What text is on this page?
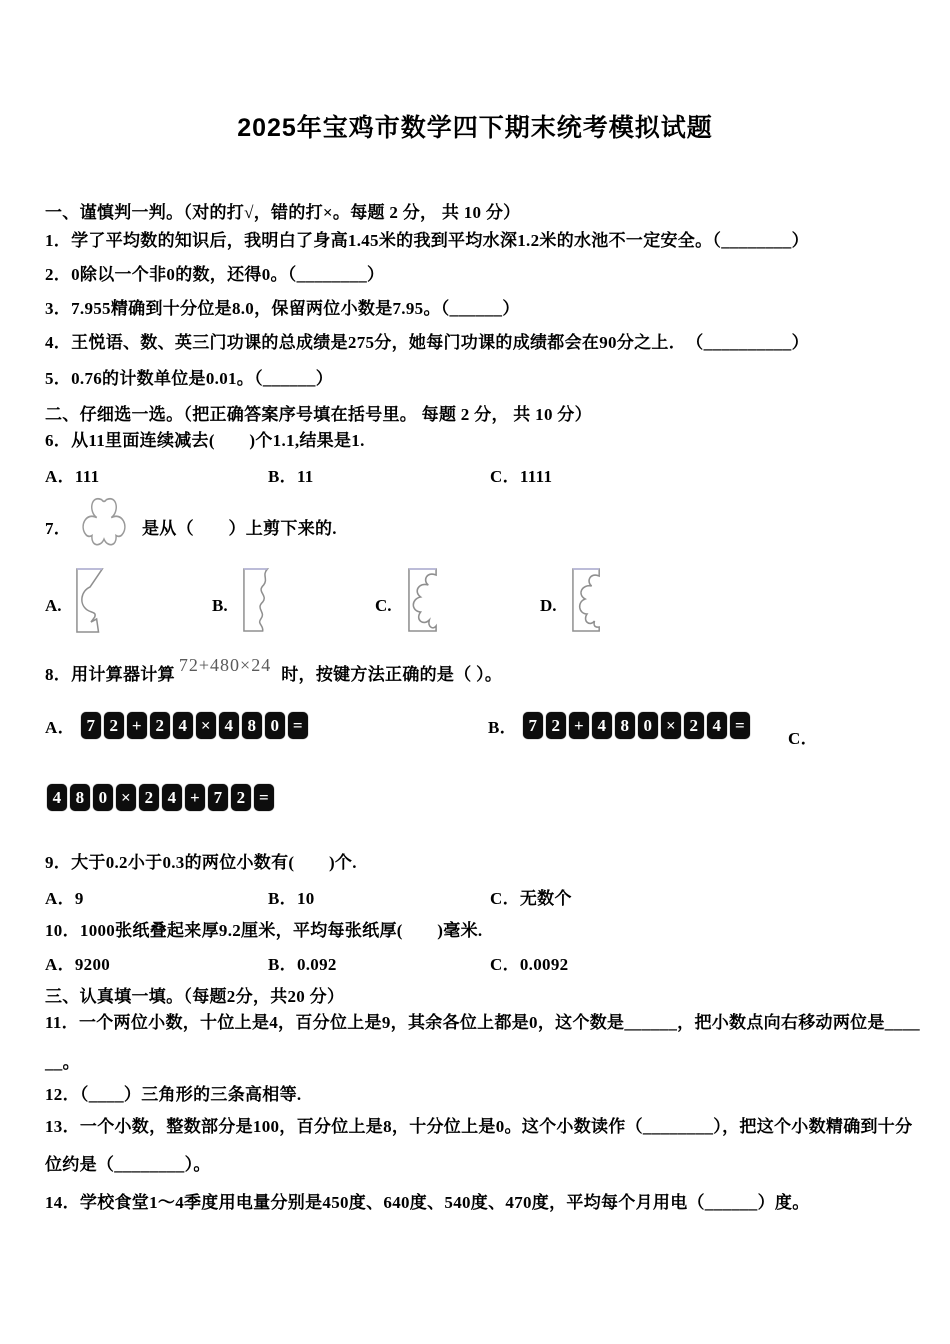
2025年宝鸡市数学四下期末统考模拟试题
一、谨慎判一判。（对的打√，错的打×。每题 2 分， 共 10 分）
1．学了平均数的知识后，我明白了身高1.45米的我到平均水深1.2米的水池不一定安全。（________）
2．0除以一个非0的数，还得0。（________）
3．7.955精确到十分位是8.0，保留两位小数是7.95。（______）
4．王悦语、数、英三门功课的总成绩是275分，她每门功课的成绩都会在90分之上．　（__________）
5．0.76的计数单位是0.01。（______）
二、仔细选一选。（把正确答案序号填在括号里。 每题 2 分， 共 10 分）
6．从11里面连续减去(　　)个1.1,结果是1.
A．111	B．11	C．1111
7．	是从（　　）上剪下来的.
A.	B.	C.	D.
8．用计算器计算 72+480×24 时，按键方法正确的是（ ）。
A． 7 2 + 2 4 × 4 8 0 =	B． 7 2 + 4 8 0 × 2 4 =
C．
4 8 0 × 2 4 + 7 2 =
9．大于0.2小于0.3的两位小数有(　　)个.
A．9	B．10	C．无数个
10．1000张纸叠起来厚9.2厘米，平均每张纸厚(　　)毫米.
A．9200	B．0.092	C．0.0092
三、认真填一填。（每题2分，共20 分）
11．一个两位小数，十位上是4，百分位上是9，其余各位上都是0，这个数是______，把小数点向右移动两位是____
__。
12．（____）三角形的三条高相等.
13．一个小数，整数部分是100，百分位上是8，十分位上是0。这个小数读作（________），把这个小数精确到十分
位约是（________）。
14．学校食堂1～4季度用电量分别是450度、640度、540度、470度，平均每个月用电（______）度。
